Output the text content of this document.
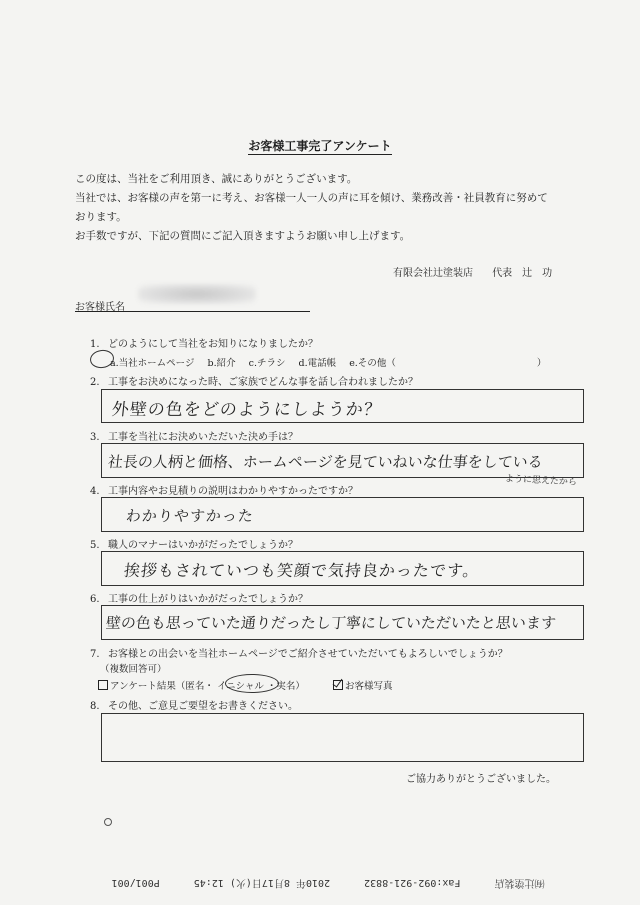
お客様工事完了アンケート
この度は、当社をご利用頂き、誠にありがとうございます。
当社では、お客様の声を第一に考え、お客様一人一人の声に耳を傾け、業務改善・社員教育に努めて
おります。
お手数ですが、下記の質問にご記入頂きますようお願い申し上げます。
有限会社辻塗装店 代表　辻　功
お客様氏名
1. どのようにして当社をお知りになりましたか？
a.当社ホームページ b.紹介 c.チラシ d.電話帳 e.その他（	）
2. 工事をお決めになった時、ご家族でどんな事を話し合われましたか？
外壁の色をどのようにしようか？
3. 工事を当社にお決めいただいた決め手は？
社長の人柄と価格、ホームページを見ていねいな仕事をしている
ように思えたから
4. 工事内容やお見積りの説明はわかりやすかったですか？
わかりやすかった
5. 職人のマナーはいかがだったでしょうか？
挨拶もされていつも笑顔で気持良かったです。
6. 工事の仕上がりはいかがだったでしょうか？
壁の色も思っていた通りだったし丁寧にしていただいたと思います
7. お客様との出会いを当社ホームページでご紹介させていただいてもよろしいでしょうか？
（複数回答可）
アンケート結果（匿名・ イニシャル ・実名）	お客様写真
8. その他、ご意見ご要望をお書きください。
ご協力ありがとうございました。
㈲辻塗装店 Fax:092-921-8832 2010年 8月17日(火) 12:45 P001/001
